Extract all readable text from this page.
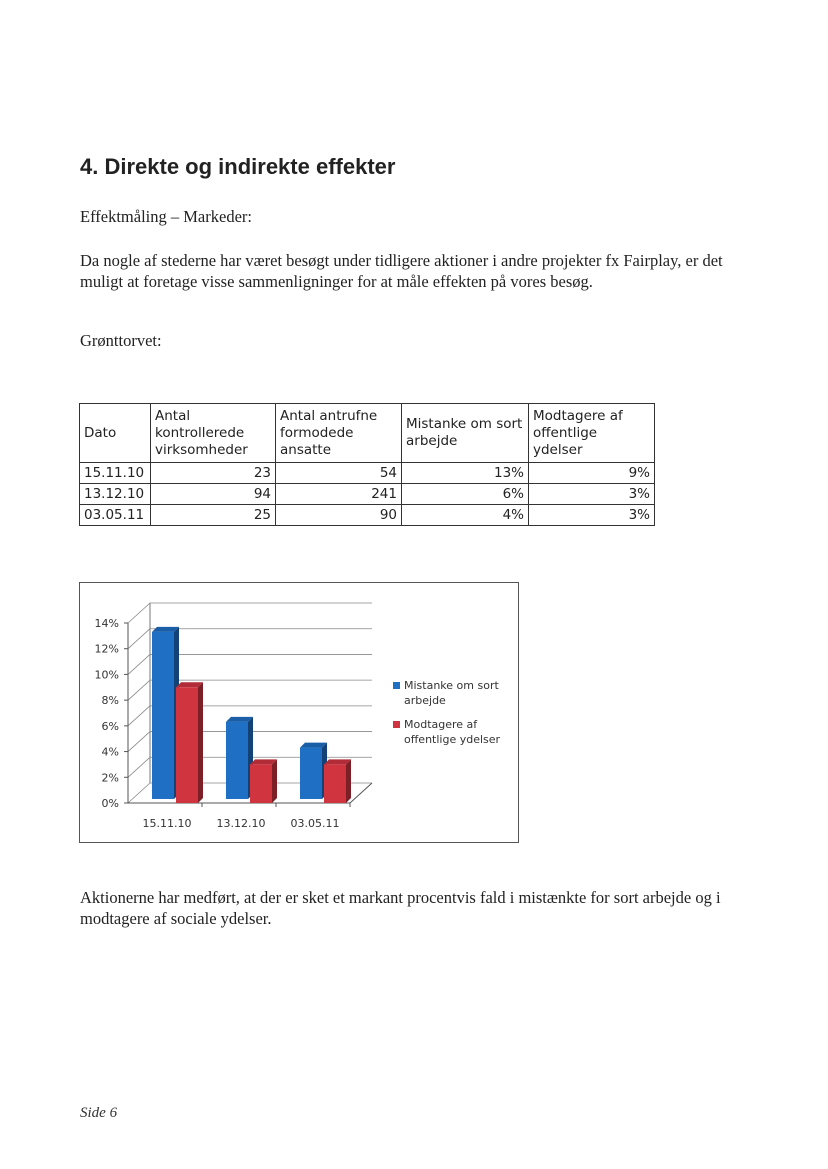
4. Direkte og indirekte effekter

Effektmåling – Markeder:

Da nogle af stederne har været besøgt under tidligere aktioner i andre projekter fx Fairplay, er det muligt at foretage visse sammenligninger for at måle effekten på vores besøg.

Grønttorvet:

Dato	Antal kontrollerede virksomheder	Antal antrufne formodede ansatte	Mistanke om sort arbejde	Modtagere af offentlige ydelser
15.11.10	23	54	13%	9%
13.12.10	94	241	6%	3%
03.05.11	25	90	4%	3%
0%
2%
4%
6%
8%
10%
12%
14%
15.11.10 13.12.10 03.05.11
Mistanke om sort arbejde
Modtagere af offentlige ydelser

Aktionerne har medført, at der er sket et markant procentvis fald i mistænkte for sort arbejde og i modtagere af sociale ydelser.

Side 6
